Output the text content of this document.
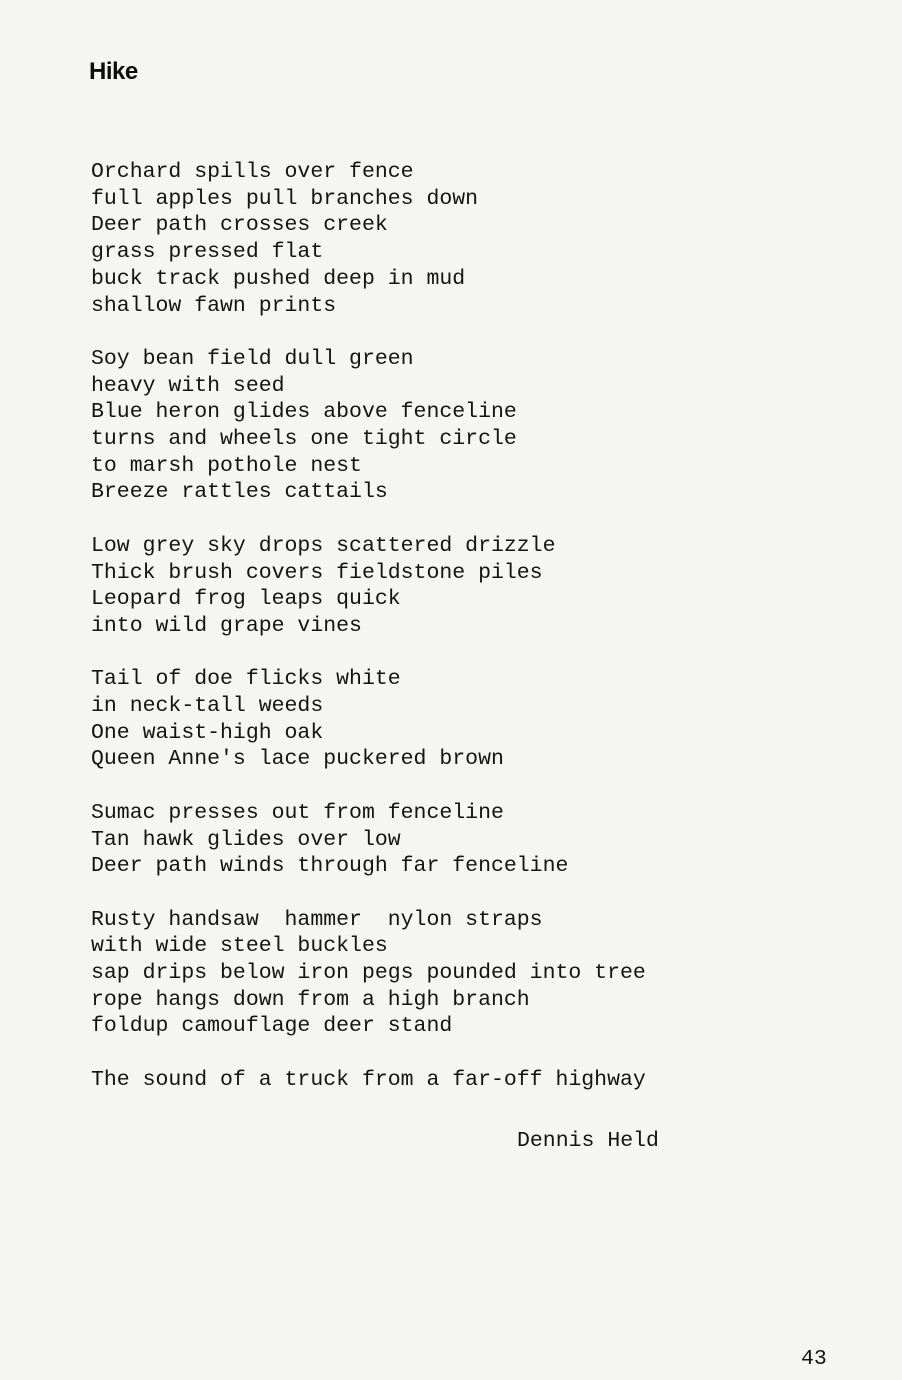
Hike
Orchard spills over fence
full apples pull branches down
Deer path crosses creek
grass pressed flat
buck track pushed deep in mud
shallow fawn prints
Soy bean field dull green
heavy with seed
Blue heron glides above fenceline
turns and wheels one tight circle
to marsh pothole nest
Breeze rattles cattails
Low grey sky drops scattered drizzle
Thick brush covers fieldstone piles
Leopard frog leaps quick
into wild grape vines
Tail of doe flicks white
in neck-tall weeds
One waist-high oak
Queen Anne's lace puckered brown
Sumac presses out from fenceline
Tan hawk glides over low
Deer path winds through far fenceline
Rusty handsaw  hammer  nylon straps
with wide steel buckles
sap drips below iron pegs pounded into tree
rope hangs down from a high branch
foldup camouflage deer stand
The sound of a truck from a far-off highway
Dennis Held
43
